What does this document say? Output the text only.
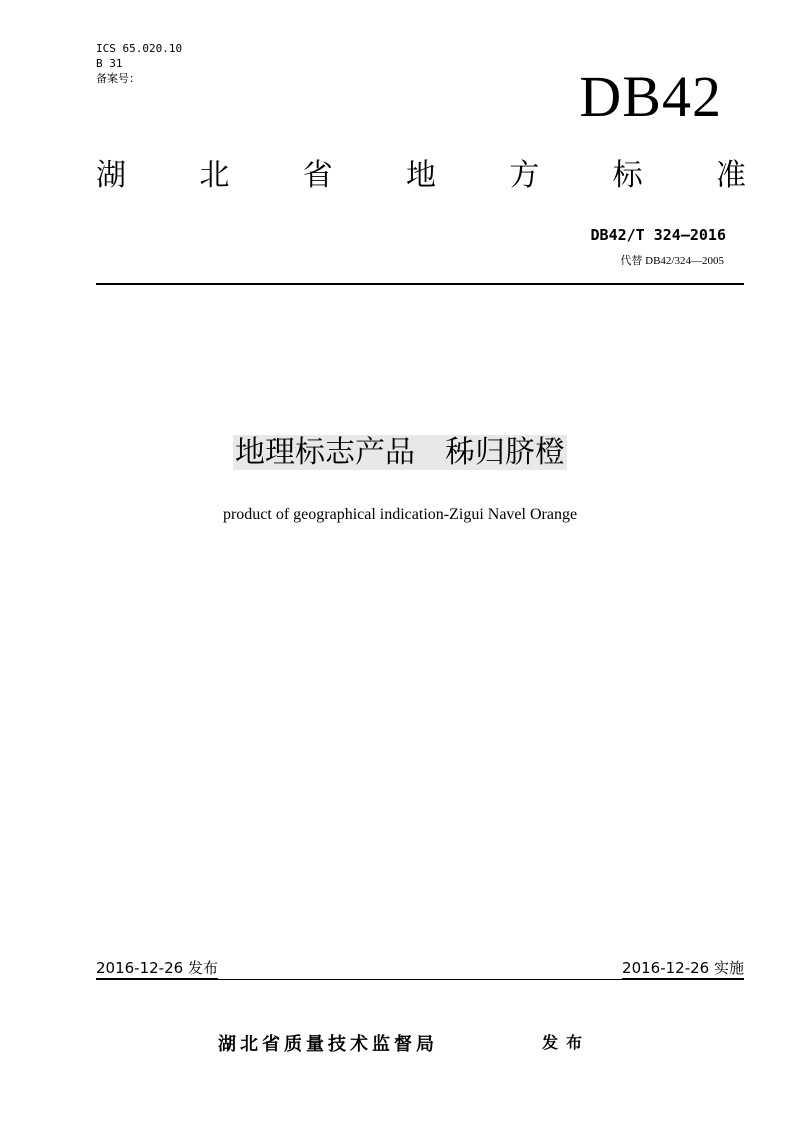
ICS 65.020.10
B 31
备案号：	DB42
湖 北 省 地 方 标 准
DB42/T 324—2016
代替 DB42/324—2005
地理标志产品　秭归脐橙
product of geographical indication-Zigui Navel Orange
2016-12-26 发布	2016-12-26 实施
湖北省质量技术监督局	发布
